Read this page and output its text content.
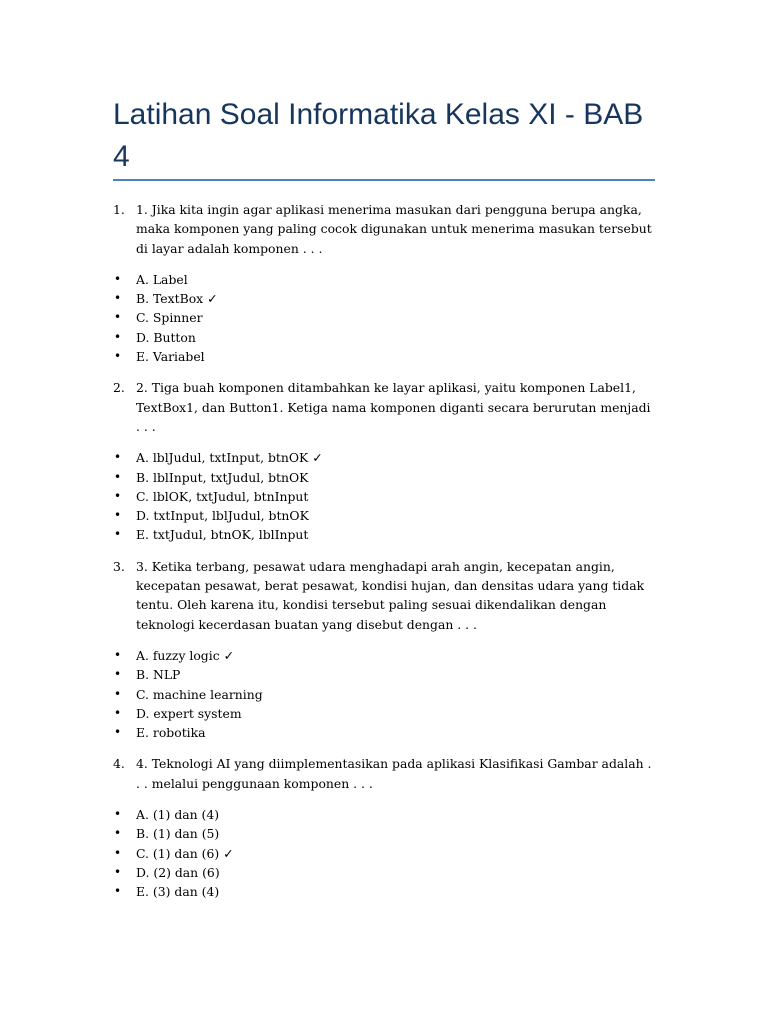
Latihan Soal Informatika Kelas XI - BAB 4
1. 1. Jika kita ingin agar aplikasi menerima masukan dari pengguna berupa angka, maka komponen yang paling cocok digunakan untuk menerima masukan tersebut di layar adalah komponen . . .
• A. Label
• B. TextBox ✓
• C. Spinner
• D. Button
• E. Variabel
2. 2. Tiga buah komponen ditambahkan ke layar aplikasi, yaitu komponen Label1, TextBox1, dan Button1. Ketiga nama komponen diganti secara berurutan menjadi . . .
• A. lblJudul, txtInput, btnOK ✓
• B. lblInput, txtJudul, btnOK
• C. lblOK, txtJudul, btnInput
• D. txtInput, lblJudul, btnOK
• E. txtJudul, btnOK, lblInput
3. 3. Ketika terbang, pesawat udara menghadapi arah angin, kecepatan angin, kecepatan pesawat, berat pesawat, kondisi hujan, dan densitas udara yang tidak tentu. Oleh karena itu, kondisi tersebut paling sesuai dikendalikan dengan teknologi kecerdasan buatan yang disebut dengan . . .
• A. fuzzy logic ✓
• B. NLP
• C. machine learning
• D. expert system
• E. robotika
4. 4. Teknologi AI yang diimplementasikan pada aplikasi Klasifikasi Gambar adalah . . . melalui penggunaan komponen . . .
• A. (1) dan (4)
• B. (1) dan (5)
• C. (1) dan (6) ✓
• D. (2) dan (6)
• E. (3) dan (4)
